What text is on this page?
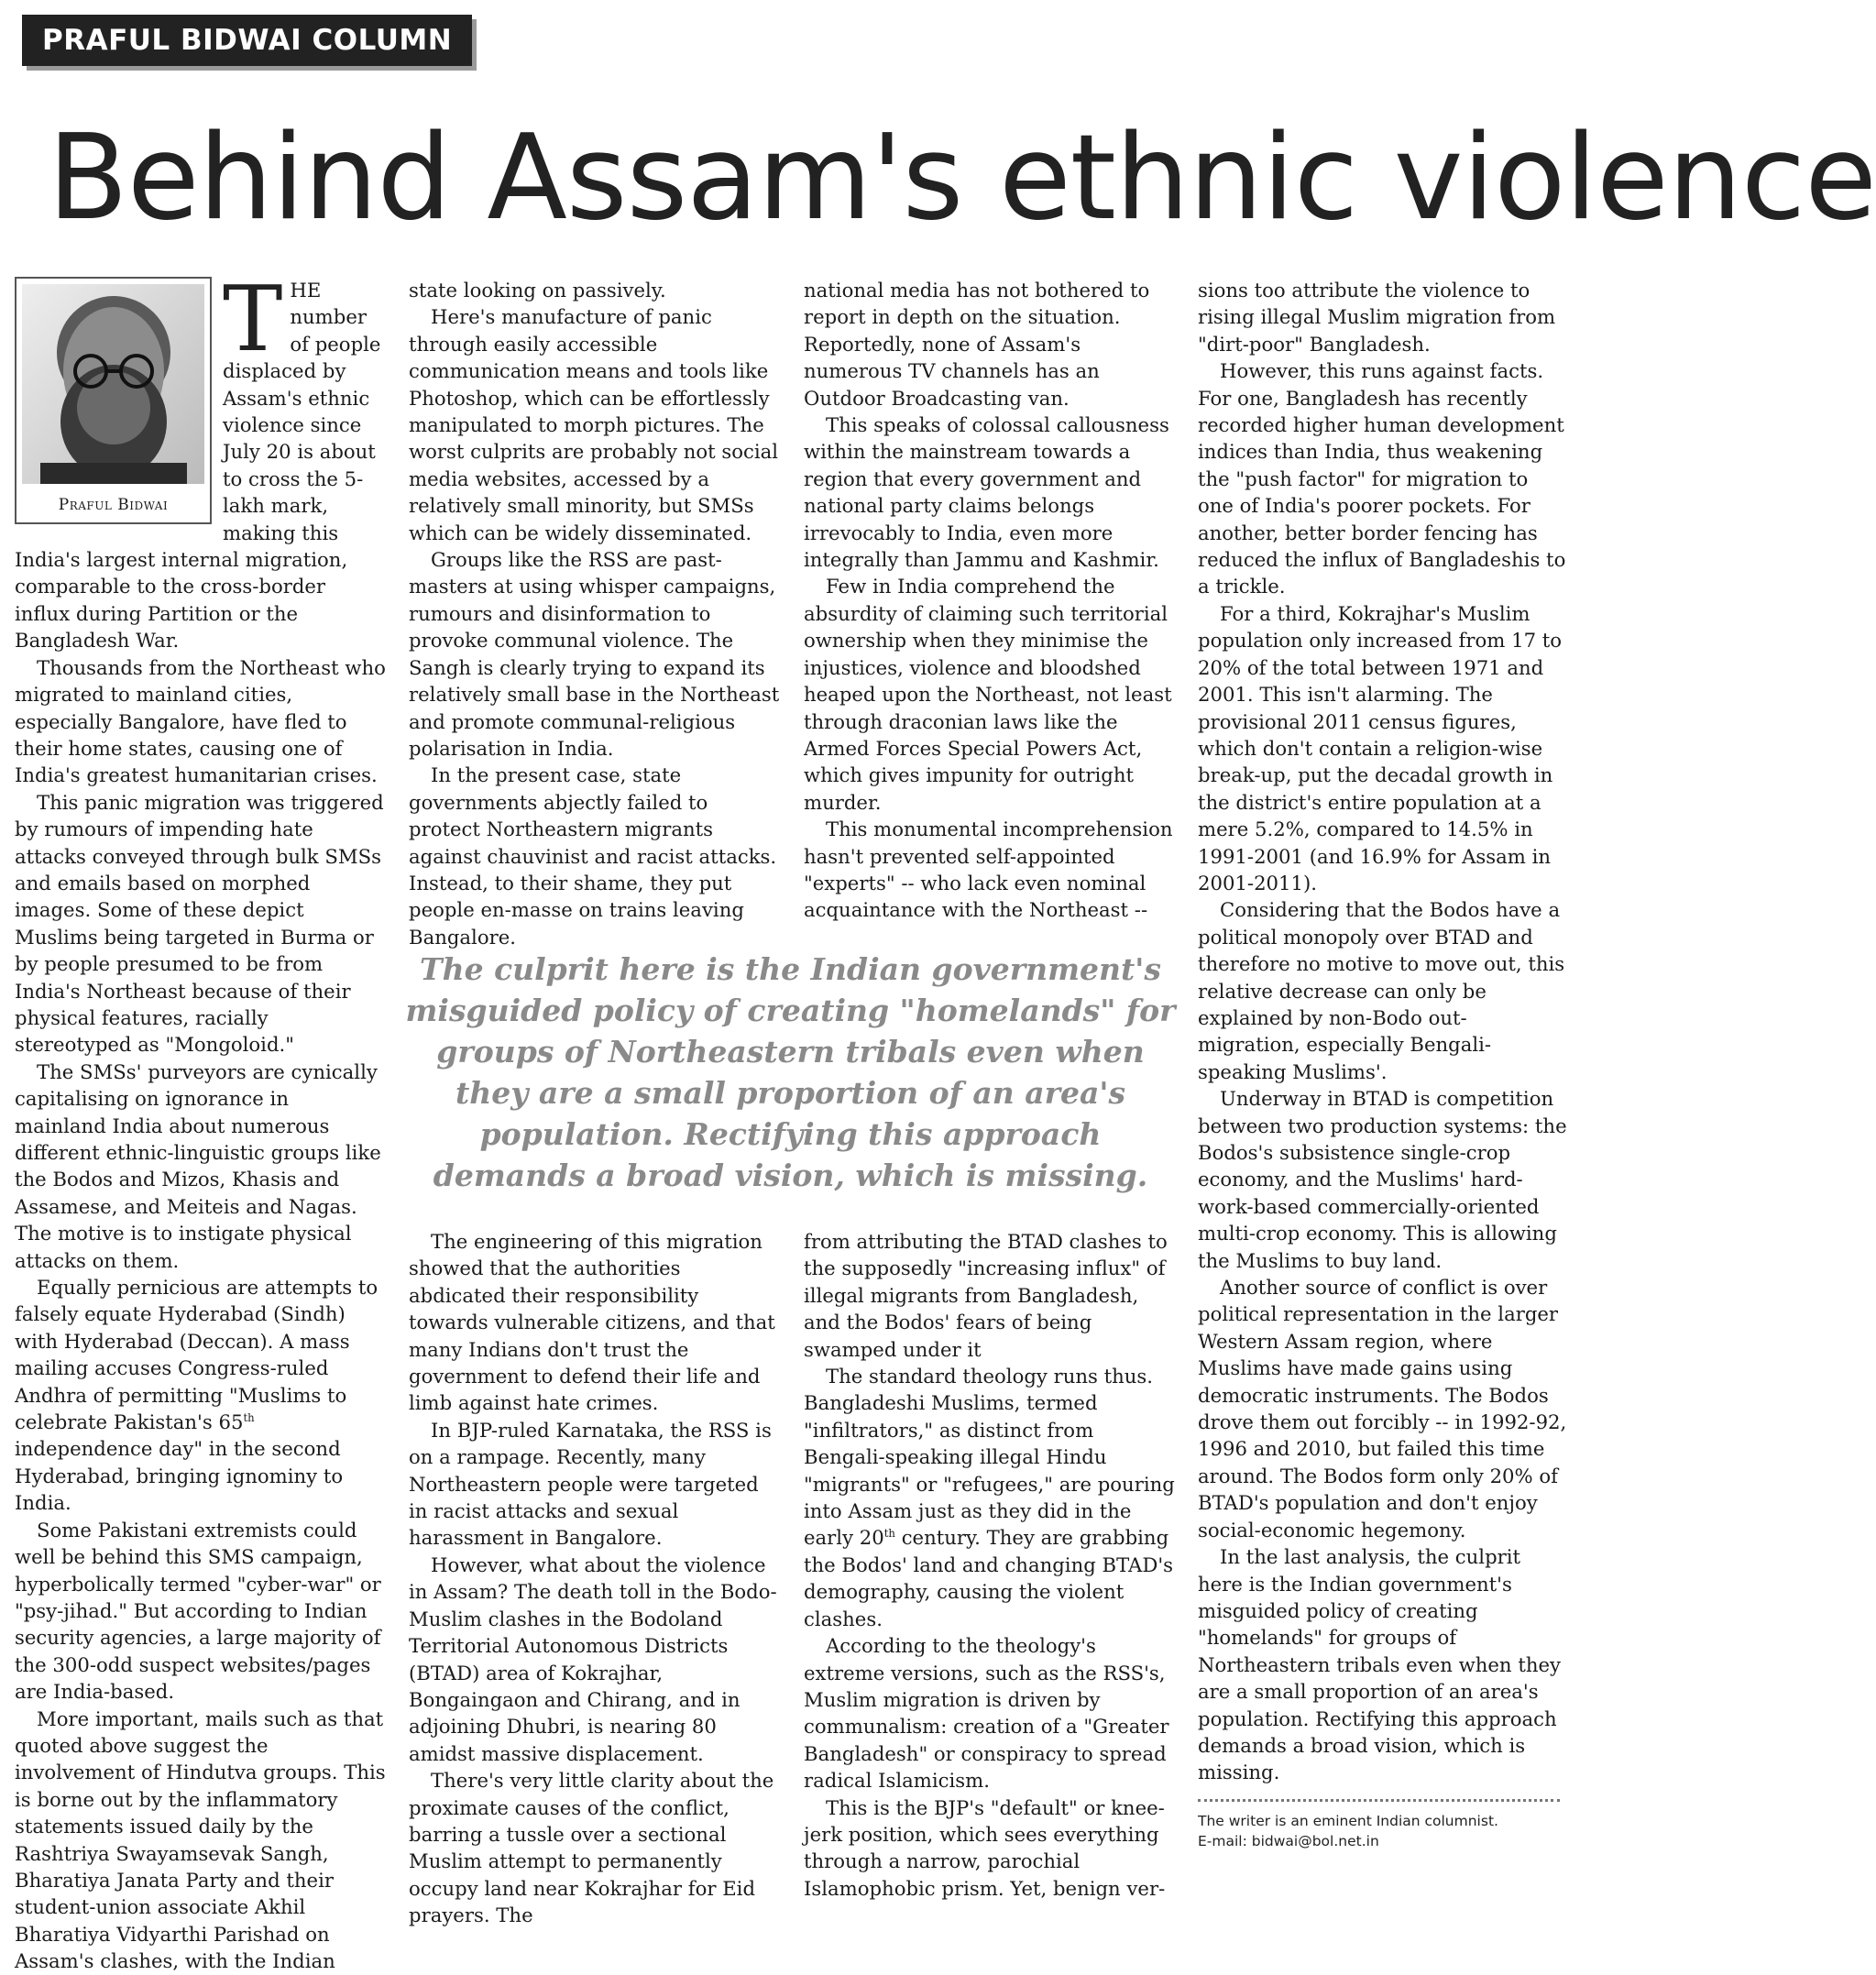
PRAFUL BIDWAI COLUMN
Behind Assam's ethnic violence
Praful Bidwai
T HE number of people displaced by Assam's ethnic violence since July 20 is about to cross the 5-lakh mark, making this India's largest internal migration, comparable to the cross-border influx during Partition or the Bangladesh War.

Thousands from the Northeast who migrated to mainland cities, especially Bangalore, have fled to their home states, causing one of India's greatest humanitarian crises.

This panic migration was triggered by rumours of impending hate attacks conveyed through bulk SMSs and emails based on morphed images. Some of these depict Muslims being targeted in Burma or by people presumed to be from India's Northeast because of their physical features, racially stereotyped as "Mongoloid."

The SMSs' purveyors are cynically capitalising on ignorance in mainland India about numerous different ethnic-linguistic groups like the Bodos and Mizos, Khasis and Assamese, and Meiteis and Nagas. The motive is to instigate physical attacks on them.

Equally pernicious are attempts to falsely equate Hyderabad (Sindh) with Hyderabad (Deccan). A mass mailing accuses Congress-ruled Andhra of permitting "Muslims to celebrate Pakistan's 65th independence day" in the second Hyderabad, bringing ignominy to India.

Some Pakistani extremists could well be behind this SMS campaign, hyperbolically termed "cyber-war" or "psy-jihad." But according to Indian security agencies, a large majority of the 300-odd suspect websites/pages are India-based.

More important, mails such as that quoted above suggest the involvement of Hindutva groups. This is borne out by the inflammatory statements issued daily by the Rashtriya Swayamsevak Sangh, Bharatiya Janata Party and their student-union associate Akhil Bharatiya Vidyarthi Parishad on Assam's clashes, with the Indian

state looking on passively.

Here's manufacture of panic through easily accessible communication means and tools like Photoshop, which can be effortlessly manipulated to morph pictures. The worst culprits are probably not social media websites, accessed by a relatively small minority, but SMSs which can be widely disseminated.

Groups like the RSS are past-masters at using whisper campaigns, rumours and disinformation to provoke communal violence. The Sangh is clearly trying to expand its relatively small base in the Northeast and promote communal-religious polarisation in India.

In the present case, state governments abjectly failed to protect Northeastern migrants against chauvinist and racist attacks. Instead, to their shame, they put people en-masse on trains leaving Bangalore.

national media has not bothered to report in depth on the situation. Reportedly, none of Assam's numerous TV channels has an Outdoor Broadcasting van.

This speaks of colossal callousness within the mainstream towards a region that every government and national party claims belongs irrevocably to India, even more integrally than Jammu and Kashmir.

Few in India comprehend the absurdity of claiming such territorial ownership when they minimise the injustices, violence and bloodshed heaped upon the Northeast, not least through draconian laws like the Armed Forces Special Powers Act, which gives impunity for outright murder.

This monumental incomprehension hasn't prevented self-appointed "experts" -- who lack even nominal acquaintance with the Northeast --

The culprit here is the Indian government's misguided policy of creating "homelands" for groups of Northeastern tribals even when they are a small proportion of an area's population. Rectifying this approach demands a broad vision, which is missing.

The engineering of this migration showed that the authorities abdicated their responsibility towards vulnerable citizens, and that many Indians don't trust the government to defend their life and limb against hate crimes.

In BJP-ruled Karnataka, the RSS is on a rampage. Recently, many Northeastern people were targeted in racist attacks and sexual harassment in Bangalore.

However, what about the violence in Assam? The death toll in the Bodo-Muslim clashes in the Bodoland Territorial Autonomous Districts (BTAD) area of Kokrajhar, Bongaingaon and Chirang, and in adjoining Dhubri, is nearing 80 amidst massive displacement.

There's very little clarity about the proximate causes of the conflict, barring a tussle over a sectional Muslim attempt to permanently occupy land near Kokrajhar for Eid prayers. The

from attributing the BTAD clashes to the supposedly "increasing influx" of illegal migrants from Bangladesh, and the Bodos' fears of being swamped under it

The standard theology runs thus. Bangladeshi Muslims, termed "infiltrators," as distinct from Bengali-speaking illegal Hindu "migrants" or "refugees," are pouring into Assam just as they did in the early 20th century. They are grabbing the Bodos' land and changing BTAD's demography, causing the violent clashes.

According to the theology's extreme versions, such as the RSS's, Muslim migration is driven by communalism: creation of a "Greater Bangladesh" or conspiracy to spread radical Islamicism.

This is the BJP's "default" or knee-jerk position, which sees everything through a narrow, parochial Islamophobic prism. Yet, benign ver-

sions too attribute the violence to rising illegal Muslim migration from "dirt-poor" Bangladesh.

However, this runs against facts. For one, Bangladesh has recently recorded higher human development indices than India, thus weakening the "push factor" for migration to one of India's poorer pockets. For another, better border fencing has reduced the influx of Bangladeshis to a trickle.

For a third, Kokrajhar's Muslim population only increased from 17 to 20% of the total between 1971 and 2001. This isn't alarming. The provisional 2011 census figures, which don't contain a religion-wise break-up, put the decadal growth in the district's entire population at a mere 5.2%, compared to 14.5% in 1991-2001 (and 16.9% for Assam in 2001-2011).

Considering that the Bodos have a political monopoly over BTAD and therefore no motive to move out, this relative decrease can only be explained by non-Bodo out-migration, especially Bengali-speaking Muslims'.

Underway in BTAD is competition between two production systems: the Bodos's subsistence single-crop economy, and the Muslims' hard-work-based commercially-oriented multi-crop economy. This is allowing the Muslims to buy land.

Another source of conflict is over political representation in the larger Western Assam region, where Muslims have made gains using democratic instruments. The Bodos drove them out forcibly -- in 1992-92, 1996 and 2010, but failed this time around. The Bodos form only 20% of BTAD's population and don't enjoy social-economic hegemony.

In the last analysis, the culprit here is the Indian government's misguided policy of creating "homelands" for groups of Northeastern tribals even when they are a small proportion of an area's population. Rectifying this approach demands a broad vision, which is missing.

The writer is an eminent Indian columnist.
E-mail: bidwai@bol.net.in
